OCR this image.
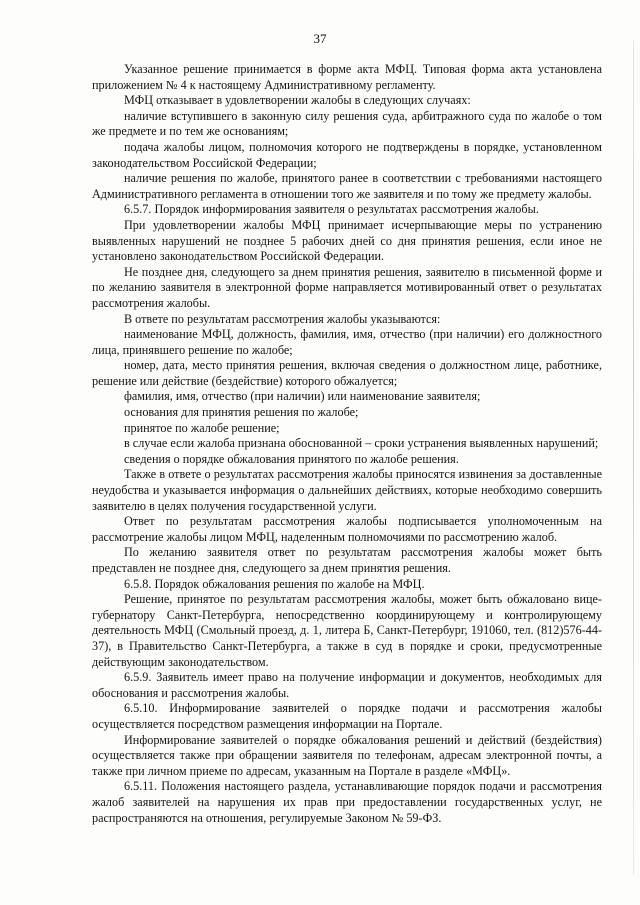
37

Указанное решение принимается в форме акта МФЦ. Типовая форма акта установлена приложением № 4 к настоящему Административному регламенту.

МФЦ отказывает в удовлетворении жалобы в следующих случаях:

наличие вступившего в законную силу решения суда, арбитражного суда по жалобе о том же предмете и по тем же основаниям;

подача жалобы лицом, полномочия которого не подтверждены в порядке, установленном законодательством Российской Федерации;

наличие решения по жалобе, принятого ранее в соответствии с требованиями настоящего Административного регламента в отношении того же заявителя и по тому же предмету жалобы.

6.5.7. Порядок информирования заявителя о результатах рассмотрения жалобы.

При удовлетворении жалобы МФЦ принимает исчерпывающие меры по устранению выявленных нарушений не позднее 5 рабочих дней со дня принятия решения, если иное не установлено законодательством Российской Федерации.

Не позднее дня, следующего за днем принятия решения, заявителю в письменной форме и по желанию заявителя в электронной форме направляется мотивированный ответ о результатах рассмотрения жалобы.

В ответе по результатам рассмотрения жалобы указываются:

наименование МФЦ, должность, фамилия, имя, отчество (при наличии) его должностного лица, принявшего решение по жалобе;

номер, дата, место принятия решения, включая сведения о должностном лице, работнике, решение или действие (бездействие) которого обжалуется;

фамилия, имя, отчество (при наличии) или наименование заявителя;

основания для принятия решения по жалобе;

принятое по жалобе решение;

в случае если жалоба признана обоснованной – сроки устранения выявленных нарушений;

сведения о порядке обжалования принятого по жалобе решения.

Также в ответе о результатах рассмотрения жалобы приносятся извинения за доставленные неудобства и указывается информация о дальнейших действиях, которые необходимо совершить заявителю в целях получения государственной услуги.

Ответ по результатам рассмотрения жалобы подписывается уполномоченным на рассмотрение жалобы лицом МФЦ, наделенным полномочиями по рассмотрению жалоб.

По желанию заявителя ответ по результатам рассмотрения жалобы может быть представлен не позднее дня, следующего за днем принятия решения.

6.5.8. Порядок обжалования решения по жалобе на МФЦ.

Решение, принятое по результатам рассмотрения жалобы, может быть обжаловано вице-губернатору Санкт-Петербурга, непосредственно координирующему и контролирующему деятельность МФЦ (Смольный проезд, д. 1, литера Б, Санкт-Петербург, 191060, тел. (812)576-44-37), в Правительство Санкт-Петербурга, а также в суд в порядке и сроки, предусмотренные действующим законодательством.

6.5.9. Заявитель имеет право на получение информации и документов, необходимых для обоснования и рассмотрения жалобы.

6.5.10. Информирование заявителей о порядке подачи и рассмотрения жалобы осуществляется посредством размещения информации на Портале.

Информирование заявителей о порядке обжалования решений и действий (бездействия) осуществляется также при обращении заявителя по телефонам, адресам электронной почты, а также при личном приеме по адресам, указанным на Портале в разделе «МФЦ».

6.5.11. Положения настоящего раздела, устанавливающие порядок подачи и рассмотрения жалоб заявителей на нарушения их прав при предоставлении государственных услуг, не распространяются на отношения, регулируемые Законом № 59-ФЗ.
